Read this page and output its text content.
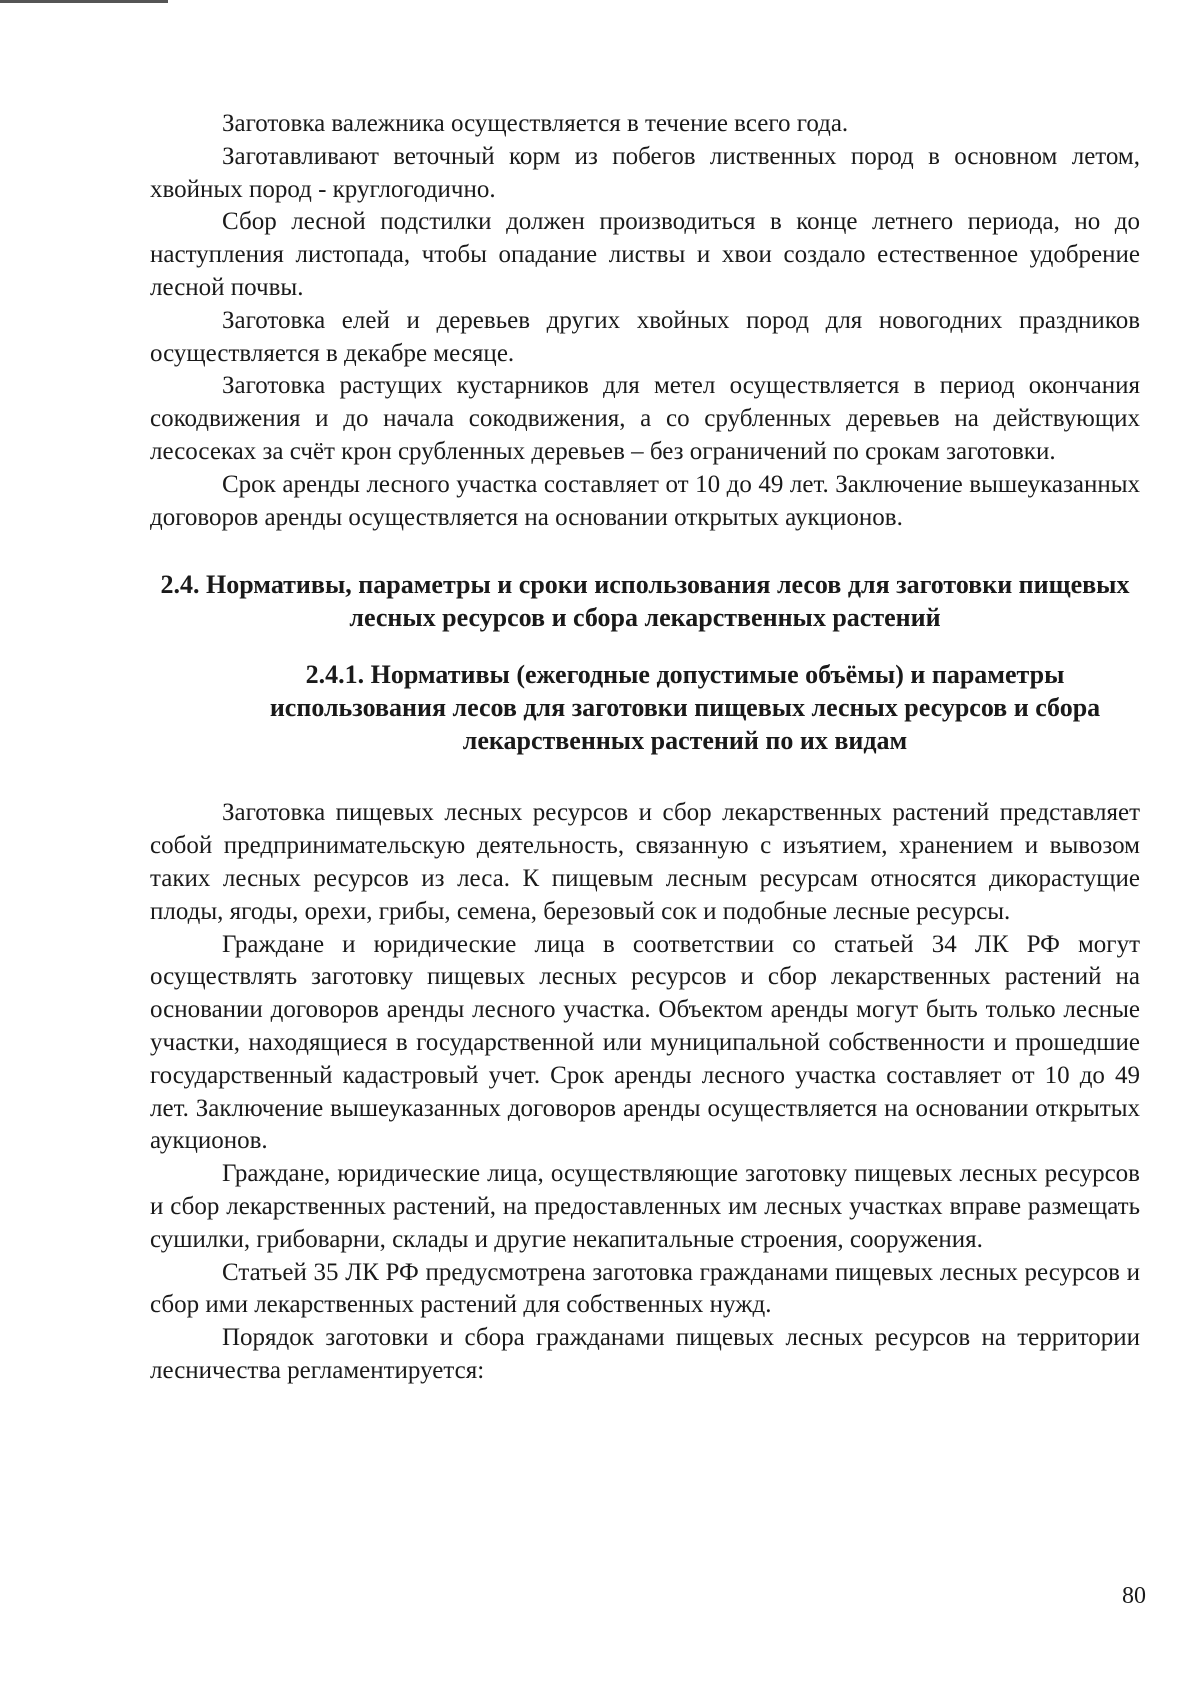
Заготовка валежника осуществляется в течение всего года.

Заготавливают веточный корм из побегов лиственных пород в основном летом, хвойных пород - круглогодично.

Сбор лесной подстилки должен производиться в конце летнего периода, но до наступления листопада, чтобы опадание листвы и хвои создало естественное удобрение лесной почвы.

Заготовка елей и деревьев других хвойных пород для новогодних праздников осуществляется в декабре месяце.

Заготовка растущих кустарников для метел осуществляется в период окончания сокодвижения и до начала сокодвижения, а со срубленных деревьев на действующих лесосеках за счёт крон срубленных деревьев – без ограничений по срокам заготовки.

Срок аренды лесного участка составляет от 10 до 49 лет. Заключение вышеуказанных договоров аренды осуществляется на основании открытых аукционов.

2.4. Нормативы, параметры и сроки использования лесов для заготовки пищевых лесных ресурсов и сбора лекарственных растений
2.4.1. Нормативы (ежегодные допустимые объёмы) и параметры использования лесов для заготовки пищевых лесных ресурсов и сбора лекарственных растений по их видам

Заготовка пищевых лесных ресурсов и сбор лекарственных растений представляет собой предпринимательскую деятельность, связанную с изъятием, хранением и вывозом таких лесных ресурсов из леса. К пищевым лесным ресурсам относятся дикорастущие плоды, ягоды, орехи, грибы, семена, березовый сок и подобные лесные ресурсы.

Граждане и юридические лица в соответствии со статьей 34 ЛК РФ могут осуществлять заготовку пищевых лесных ресурсов и сбор лекарственных растений на основании договоров аренды лесного участка. Объектом аренды могут быть только лесные участки, находящиеся в государственной или муниципальной собственности и прошедшие государственный кадастровый учет. Срок аренды лесного участка составляет от 10 до 49 лет. Заключение вышеуказанных договоров аренды осуществляется на основании открытых аукционов.

Граждане, юридические лица, осуществляющие заготовку пищевых лесных ресурсов и сбор лекарственных растений, на предоставленных им лесных участках вправе размещать сушилки, грибоварни, склады и другие некапитальные строения, сооружения.

Статьей 35 ЛК РФ предусмотрена заготовка гражданами пищевых лесных ресурсов и сбор ими лекарственных растений для собственных нужд.

Порядок заготовки и сбора гражданами пищевых лесных ресурсов на территории лесничества регламентируется:

80
